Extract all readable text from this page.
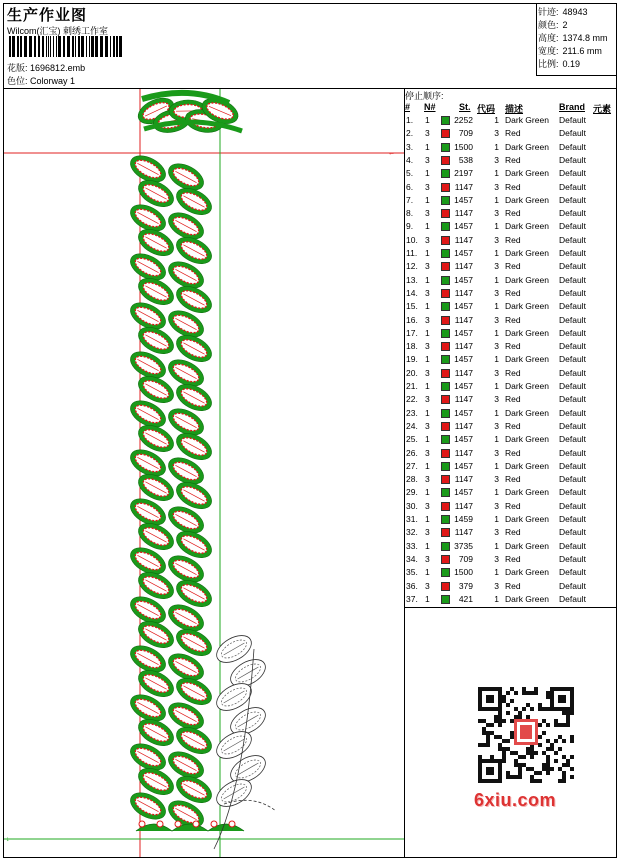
生产作业图
Wilcom(汇宝) 刺绣工作室
花版: 1696812.emb
色位: Colorway 1
针迹: 48943
颜色: 2
高度: 1374.8 mm
宽度: 211.6 mm
比例: 0.19
停止顺序:
# N#	St. 代码 描述	Brand 元素
1. 1	2252	1 Dark Green Default
2. 3	709	3 Red	Default
3. 1	1500	1 Dark Green Default
4. 3	538	3 Red	Default
5. 1	2197	1 Dark Green Default
6. 3	1147	3 Red	Default
7. 1	1457	1 Dark Green Default
8. 3	1147	3 Red	Default
9. 1	1457	1 Dark Green Default
10. 3	1147	3 Red	Default
11. 1	1457	1 Dark Green Default
12. 3	1147	3 Red	Default
13. 1	1457	1 Dark Green Default
14. 3	1147	3 Red	Default
15. 1	1457	1 Dark Green Default
16. 3	1147	3 Red	Default
17. 1	1457	1 Dark Green Default
18. 3	1147	3 Red	Default
19. 1	1457	1 Dark Green Default
20. 3	1147	3 Red	Default
21. 1	1457	1 Dark Green Default
22. 3	1147	3 Red	Default
23. 1	1457	1 Dark Green Default
24. 3	1147	3 Red	Default
25. 1	1457	1 Dark Green Default
26. 3	1147	3 Red	Default
27. 1	1457	1 Dark Green Default
28. 3	1147	3 Red	Default
29. 1	1457	1 Dark Green Default
30. 3	1147	3 Red	Default
31. 1	1459	1 Dark Green Default
32. 3	1147	3 Red	Default
33. 1	3735	1 Dark Green Default
34. 3	709	3 Red	Default
35. 1	1500	1 Dark Green Default
36. 3	379	3 Red	Default
37. 1	421	1 Dark Green Default
←
↓
6xiu.com
